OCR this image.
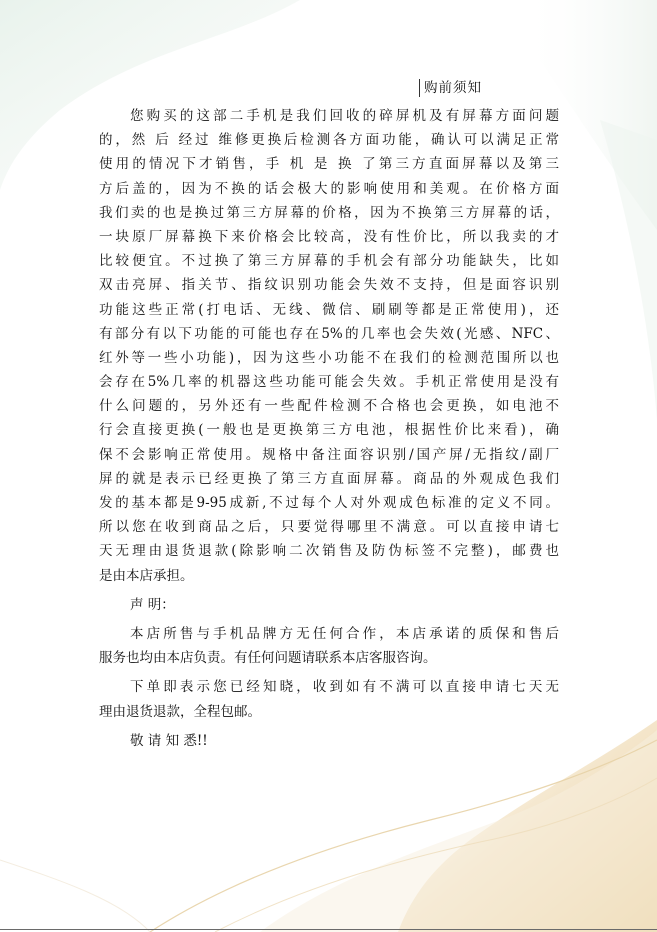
购前须知
您购买的这部二手机是我们回收的碎屏机及有屏幕方面问题
的，然 后 经过 维修更换后检测各方面功能，确认可以满足正常
使用的情况下才销售，手 机 是 换 了第三方直面屏幕以及第三
方后盖的，因为不换的话会极大的影响使用和美观。在价格方面
我们卖的也是换过第三方屏幕的价格，因为不换第三方屏幕的话，
一块原厂屏幕换下来价格会比较高，没有性价比，所以我卖的才
比较便宜。不过换了第三方屏幕的手机会有部分功能缺失，比如
双击亮屏、指关节、指纹识别功能会失效不支持，但是面容识别
功能这些正常(打电话、无线、微信、刷刷等都是正常使用)，还
有部分有以下功能的可能也存在5%的几率也会失效(光感、NFC、
红外等一些小功能)，因为这些小功能不在我们的检测范围所以也
会存在5%几率的机器这些功能可能会失效。手机正常使用是没有
什么问题的，另外还有一些配件检测不合格也会更换，如电池不
行会直接更换(一般也是更换第三方电池，根据性价比来看)，确
保不会影响正常使用。规格中备注面容识别/国产屏/无指纹/副厂
屏的就是表示已经更换了第三方直面屏幕。商品的外观成色我们
发的基本都是9-95成新,不过每个人对外观成色标准的定义不同。
所以您在收到商品之后，只要觉得哪里不满意。可以直接申请七
天无理由退货退款(除影响二次销售及防伪标签不完整)，邮费也
是由本店承担。
声 明：
本店所售与手机品牌方无任何合作，本店承诺的质保和售后
服务也均由本店负责。有任何问题请联系本店客服咨询。
下单即表示您已经知晓，收到如有不满可以直接申请七天无
理由退货退款，全程包邮。
敬 请 知 悉!!
